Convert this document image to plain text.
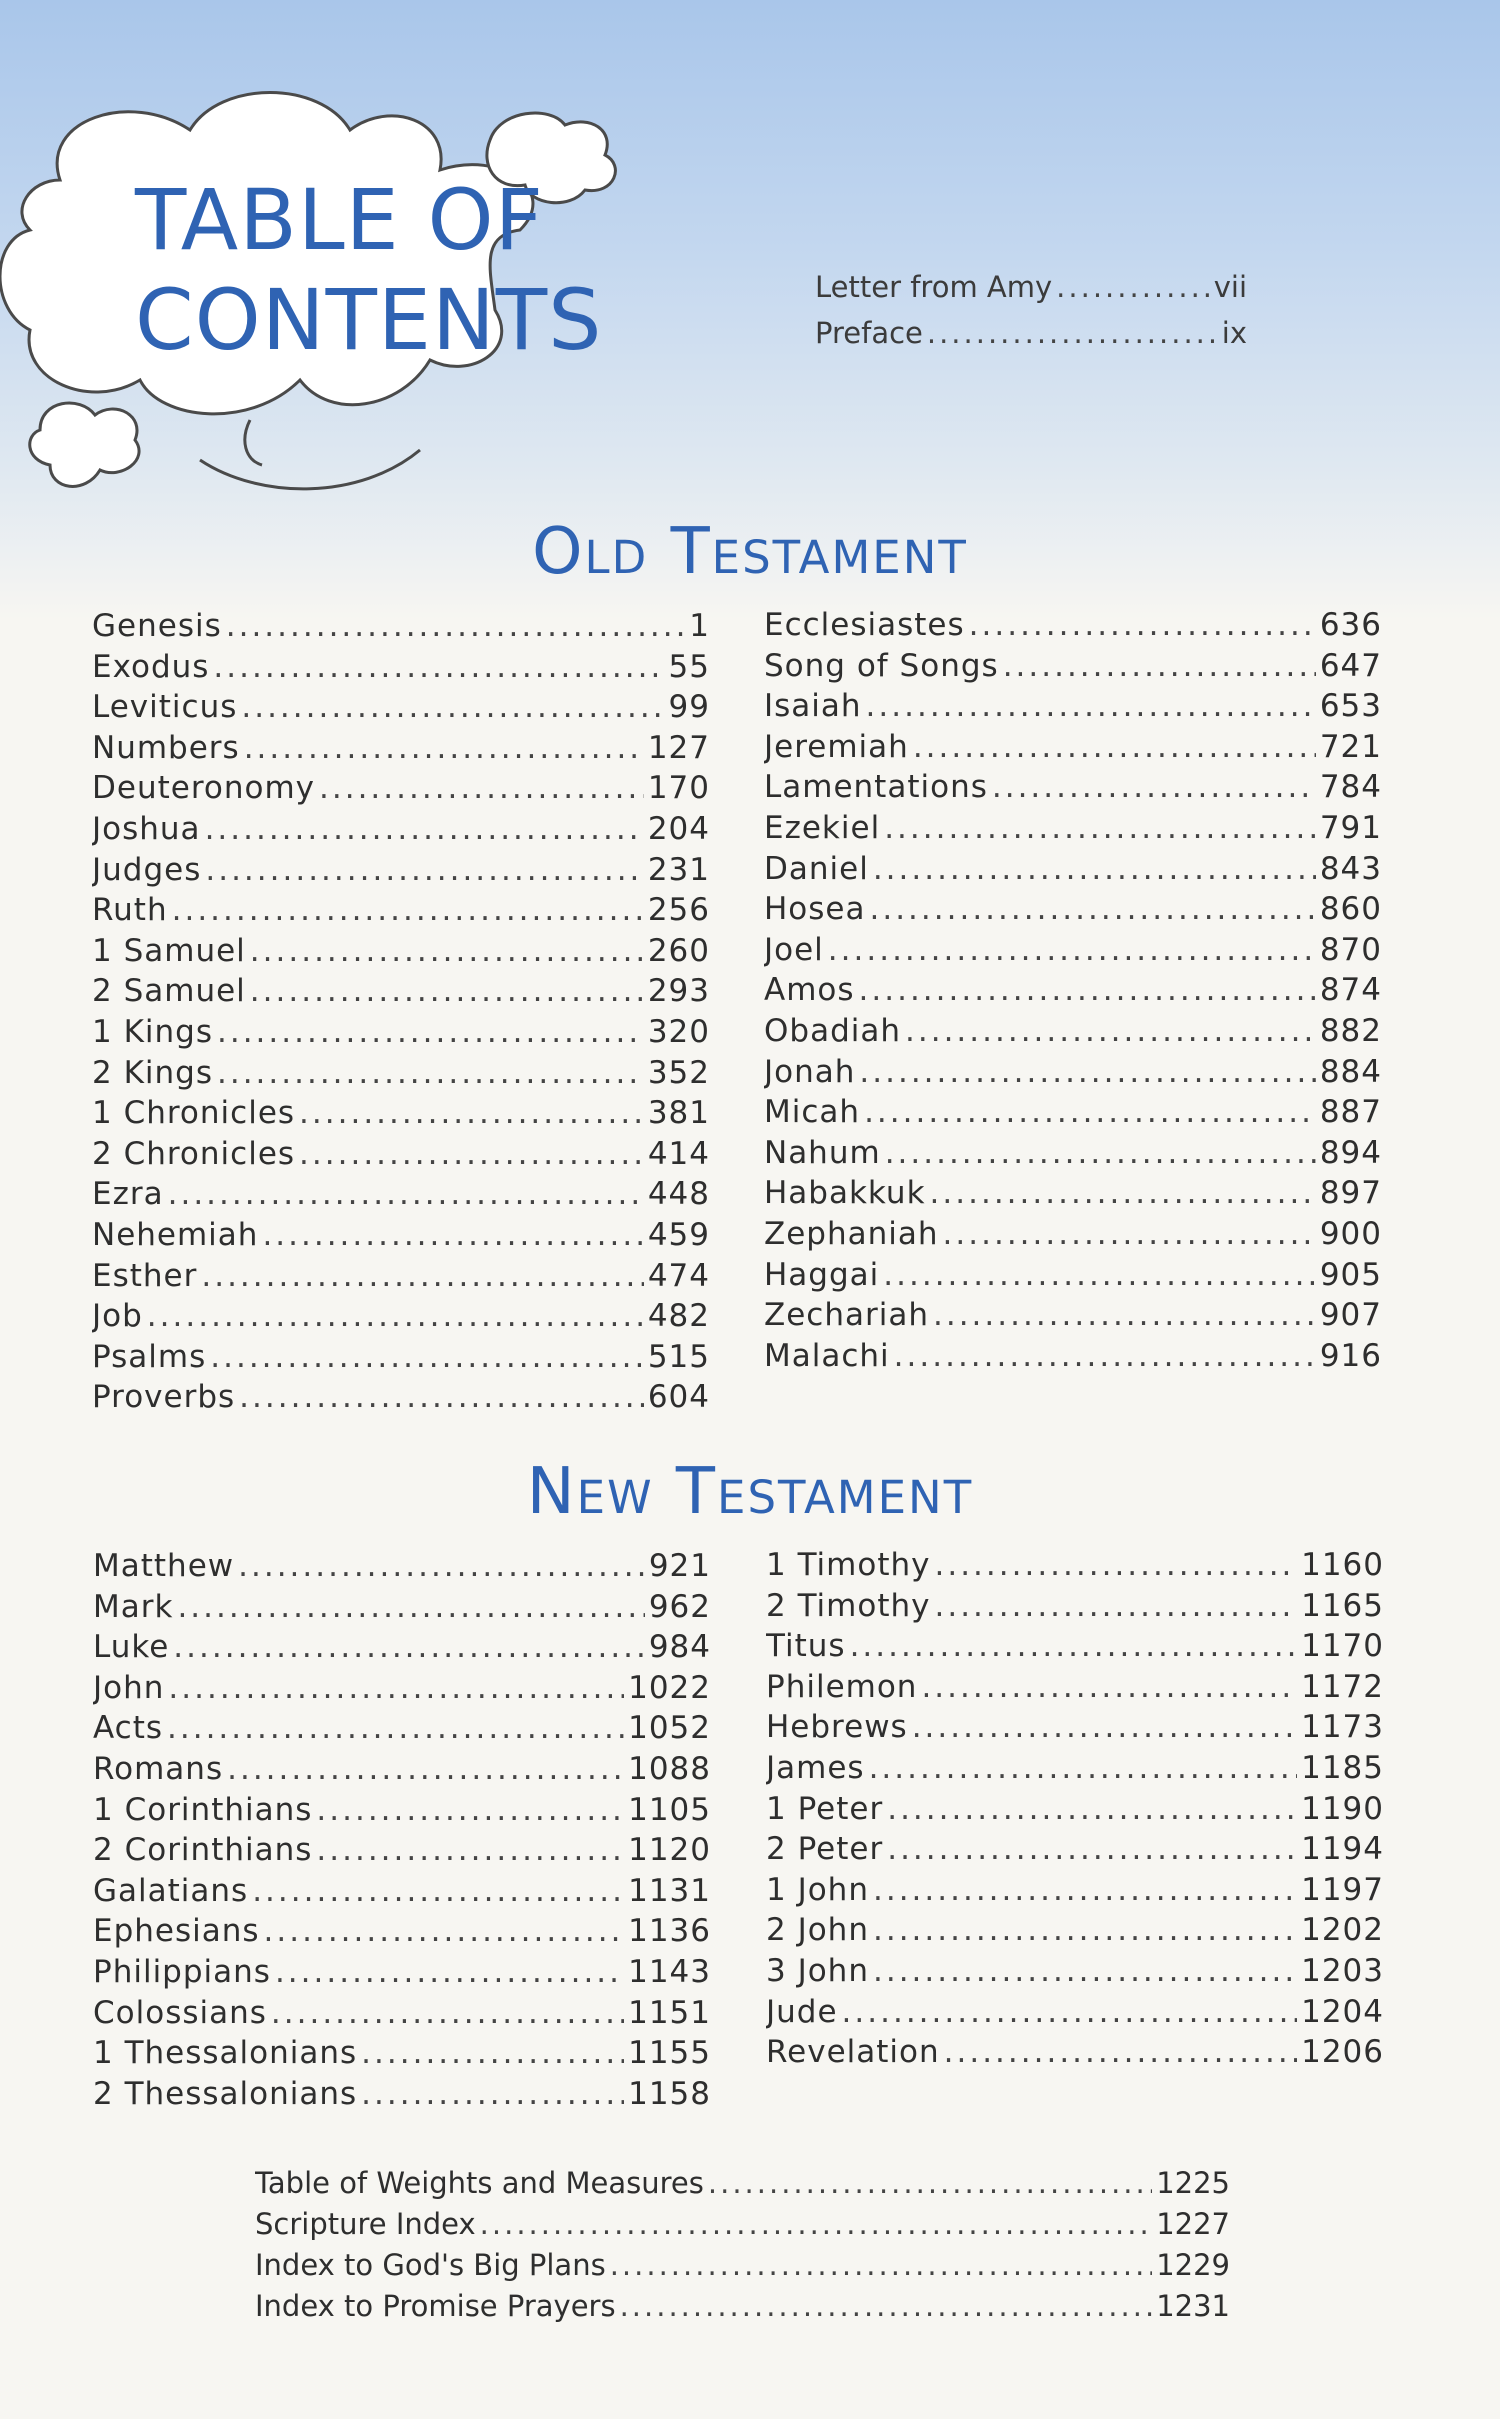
TABLE OF
CONTENTS	Letter from Amy .....	vii
Preface .....	ix
Old Testament
Genesis .....	1
Exodus .....	55
Leviticus .....	99
Numbers .....	127
Deuteronomy .....	170
Joshua .....	204
Judges .....	231
Ruth .....	256
1 Samuel .....	260
2 Samuel .....	293
1 Kings .....	320
2 Kings .....	352
1 Chronicles .....	381
2 Chronicles .....	414
Ezra .....	448
Nehemiah .....	459
Esther .....	474
Job .....	482
Psalms .....	515
Proverbs .....	604
Ecclesiastes .....	636
Song of Songs .....	647
Isaiah .....	653
Jeremiah .....	721
Lamentations .....	784
Ezekiel .....	791
Daniel .....	843
Hosea .....	860
Joel .....	870
Amos .....	874
Obadiah .....	882
Jonah .....	884
Micah .....	887
Nahum .....	894
Habakkuk .....	897
Zephaniah .....	900
Haggai .....	905
Zechariah .....	907
Malachi .....	916
New Testament
Matthew .....	921
Mark .....	962
Luke .....	984
John .....	1022
Acts .....	1052
Romans .....	1088
1 Corinthians .....	1105
2 Corinthians .....	1120
Galatians .....	1131
Ephesians .....	1136
Philippians .....	1143
Colossians .....	1151
1 Thessalonians .....	1155
2 Thessalonians .....	1158
1 Timothy .....	1160
2 Timothy .....	1165
Titus .....	1170
Philemon .....	1172
Hebrews .....	1173
James .....	1185
1 Peter .....	1190
2 Peter .....	1194
1 John .....	1197
2 John .....	1202
3 John .....	1203
Jude .....	1204
Revelation .....	1206
Table of Weights and Measures .....	1225
Scripture Index .....	1227
Index to God's Big Plans .....	1229
Index to Promise Prayers .....	1231
